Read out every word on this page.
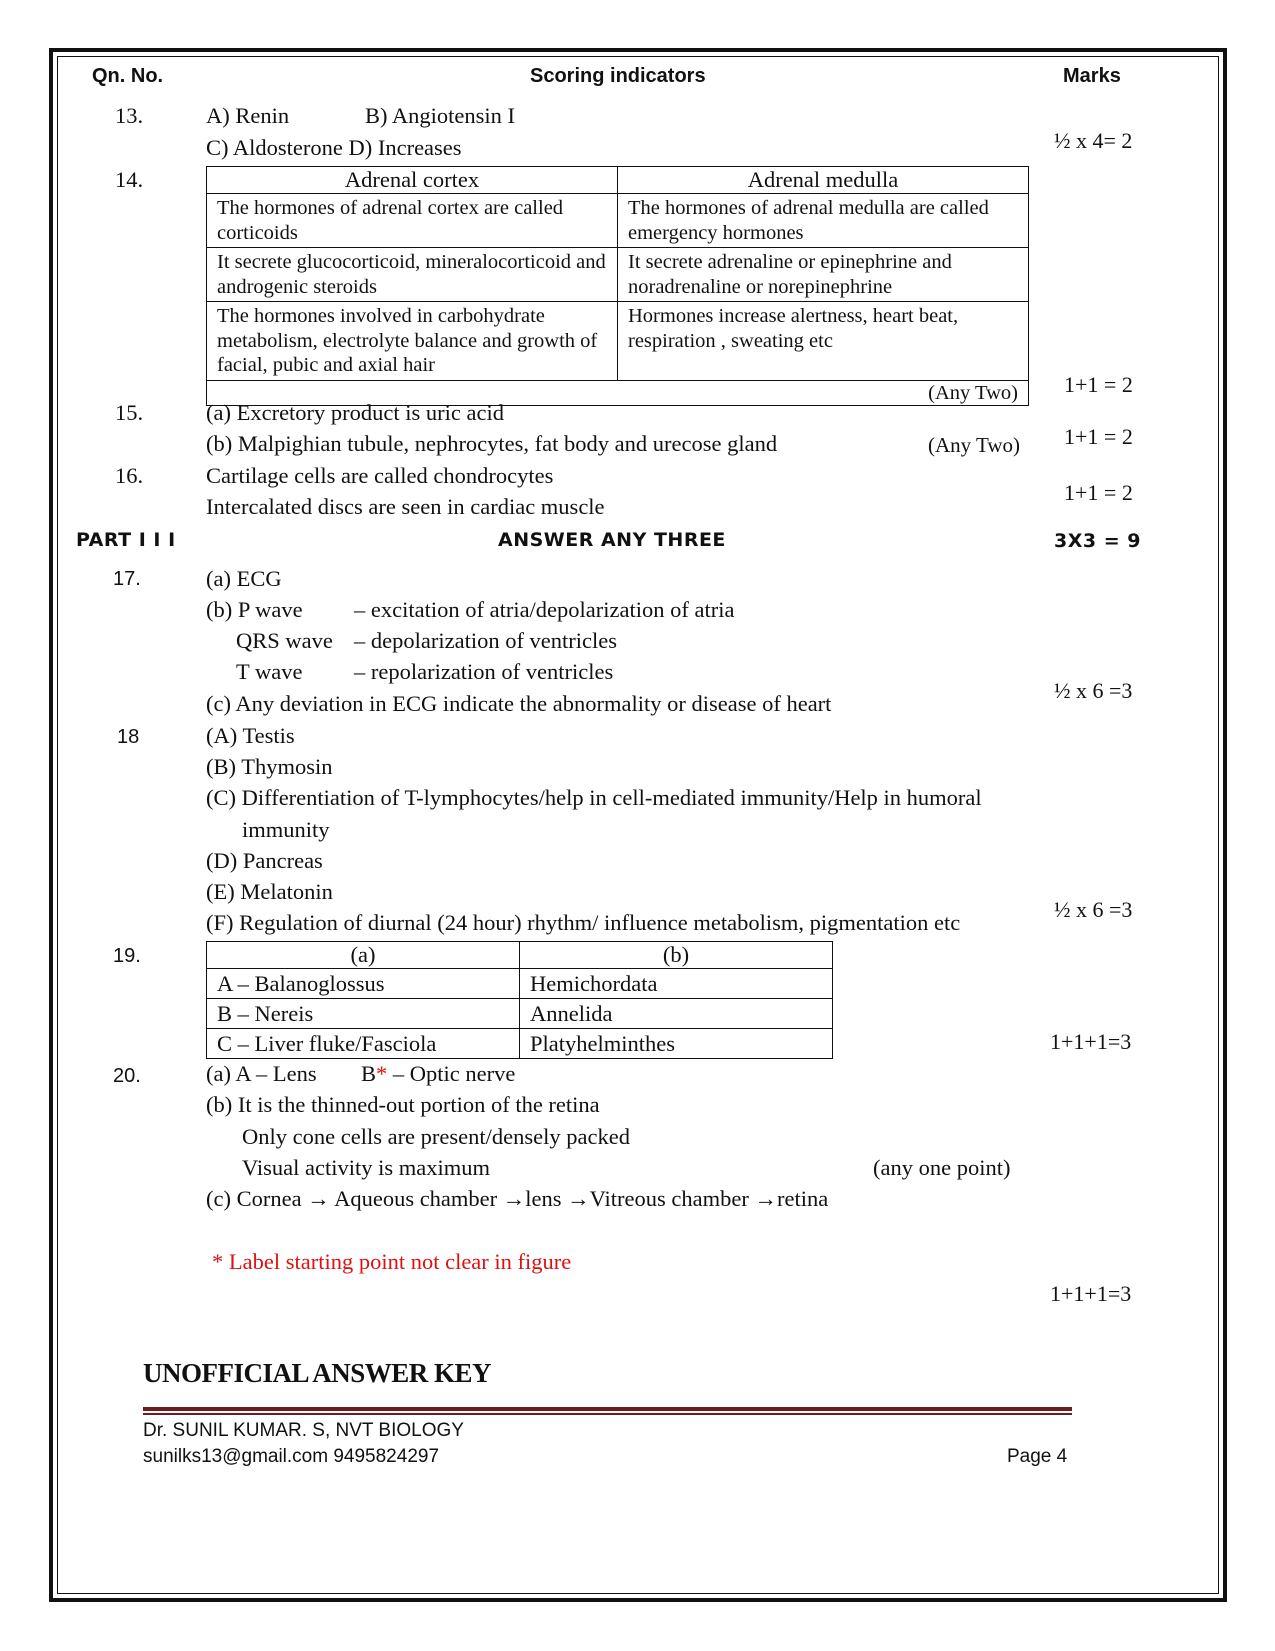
Qn. No.	Scoring indicators	Marks
13.	A) Renin	B) Angiotensin I
C) Aldosterone D) Increases	½ x 4= 2
14.	Adrenal cortex	Adrenal medulla
The hormones of adrenal cortex are called corticoids	The hormones of adrenal medulla are called emergency hormones
It secrete glucocorticoid, mineralocorticoid and androgenic steroids	It secrete adrenaline or epinephrine and noradrenaline or norepinephrine
The hormones involved in carbohydrate metabolism, electrolyte balance and growth of facial, pubic and axial hair	Hormones increase alertness, heart beat, respiration , sweating etc
(Any Two)	1+1 = 2
15.	(a) Excretory product is uric acid
(b) Malpighian tubule, nephrocytes, fat body and urecose gland	(Any Two) 1+1 = 2
16.	Cartilage cells are called chondrocytes
Intercalated discs are seen in cardiac muscle
1+1 = 2
PART I I I	ANSWER ANY THREE	3X3 = 9
17.	(a) ECG
(b) P wave – excitation of atria/depolarization of atria
QRS wave – depolarization of ventricles
T wave – repolarization of ventricles
(c) Any deviation in ECG indicate the abnormality or disease of heart
½ x 6 =3
18	(A) Testis
(B) Thymosin
(C) Differentiation of T-lymphocytes/help in cell-mediated immunity/Help in humoral
immunity
(D) Pancreas
(E) Melatonin
(F) Regulation of diurnal (24 hour) rhythm/ influence metabolism, pigmentation etc
½ x 6 =3
19.	(a)	(b)
A – Balanoglossus	Hemichordata
B – Nereis	Annelida
C – Liver fluke/Fasciola	Platyhelminthes	1+1+1=3
20.	(a) A – Lens B* – Optic nerve
(b) It is the thinned-out portion of the retina
Only cone cells are present/densely packed
Visual activity is maximum	(any one point)
(c) Cornea → Aqueous chamber →lens →Vitreous chamber →retina
* Label starting point not clear in figure
1+1+1=3
UNOFFICIAL ANSWER KEY
Dr. SUNIL KUMAR. S, NVT BIOLOGY
sunilks13@gmail.com 9495824297	Page 4
